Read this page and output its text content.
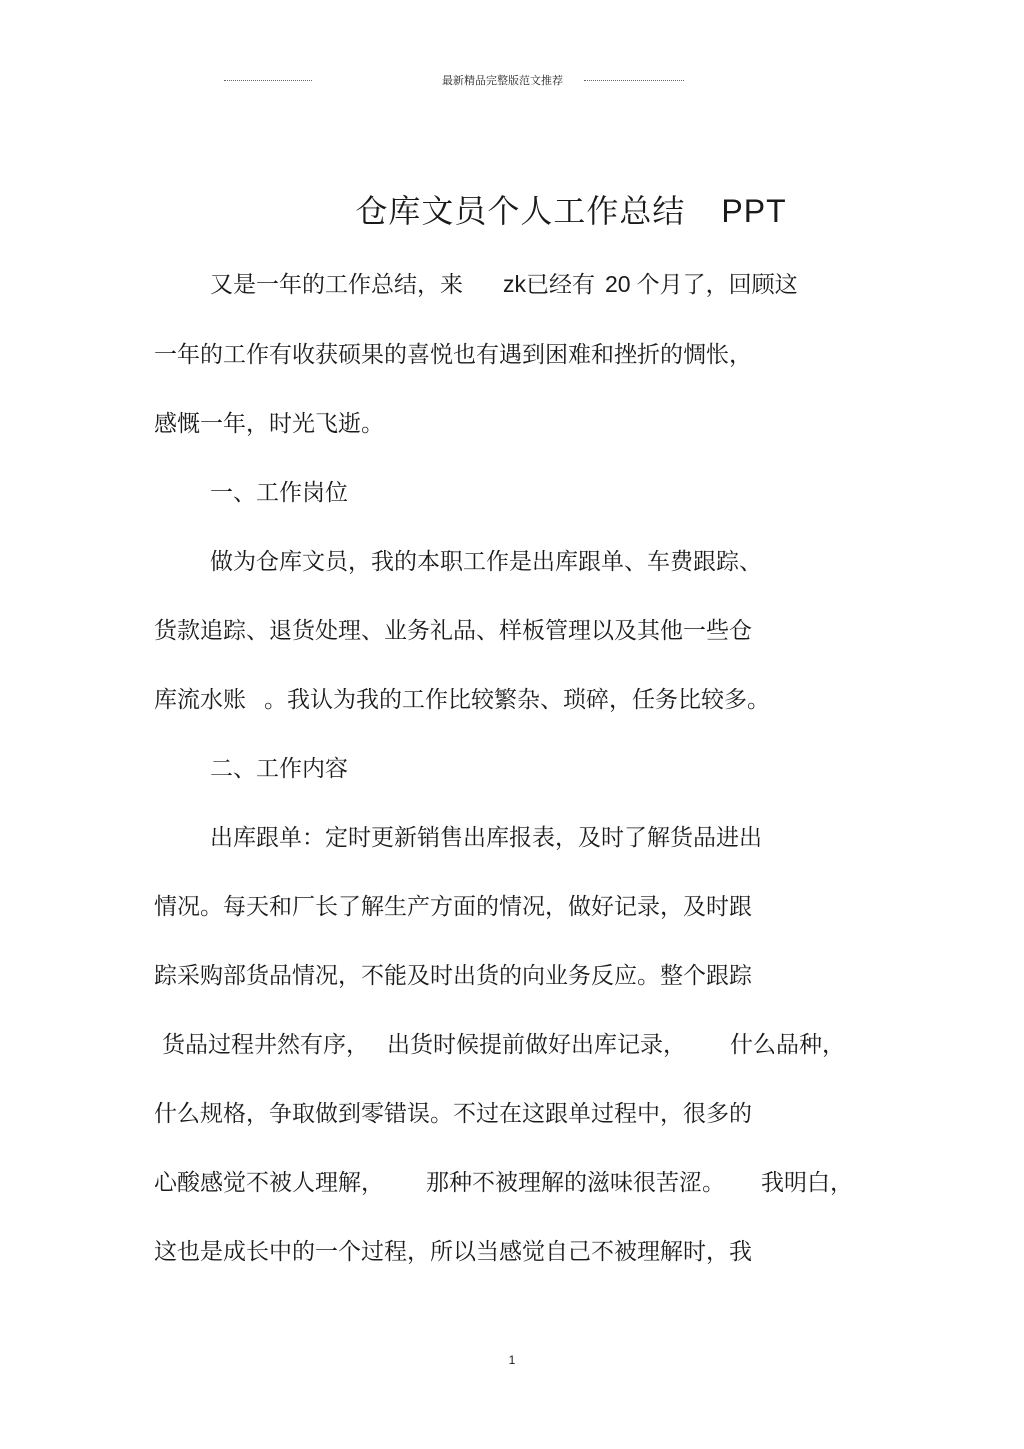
最新精品完整版范文推荐
仓库文员个人工作总结 PPT
又是一年的工作总结，来 zk已经有 20 个月了，回顾这
一年的工作有收获硕果的喜悦也有遇到困难和挫折的惆怅，
感慨一年，时光飞逝。
一、工作岗位
做为仓库文员，我的本职工作是出库跟单、车费跟踪、
货款追踪、退货处理、业务礼品、样板管理以及其他一些仓
库流水账 。我认为我的工作比较繁杂、琐碎，任务比较多。
二、工作内容
出库跟单：定时更新销售出库报表，及时了解货品进出
情况。每天和厂长了解生产方面的情况，做好记录，及时跟
踪采购部货品情况，不能及时出货的向业务反应。整个跟踪
货品过程井然有序， 出货时候提前做好出库记录， 什么品种，
什么规格，争取做到零错误。不过在这跟单过程中，很多的
心酸感觉不被人理解， 那种不被理解的滋味很苦涩。 我明白，
这也是成长中的一个过程，所以当感觉自己不被理解时，我
1
